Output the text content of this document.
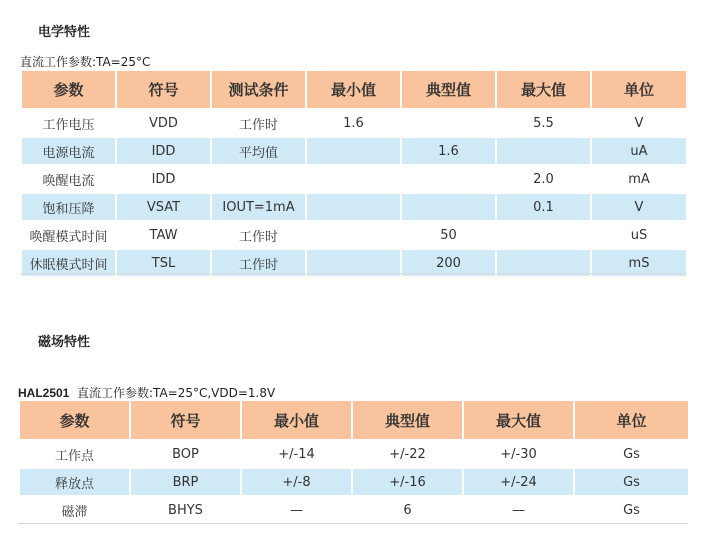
电学特性
直流工作参数:TA=25°C
参数	符号	测试条件	最小值	典型值	最大值	单位
工作电压	VDD	工作时	1.6		5.5	V
电源电流	IDD	平均值		1.6		uA
唤醒电流	IDD				2.0	mA
饱和压降	VSAT	IOUT=1mA			0.1	V
唤醒模式时间	TAW	工作时		50		uS
休眠模式时间	TSL	工作时		200		mS
磁场特性
HAL2501 直流工作参数:TA=25°C,VDD=1.8V
参数	符号	最小值	典型值	最大值	单位
工作点	BOP	+/-14	+/-22	+/-30	Gs
释放点	BRP	+/-8	+/-16	+/-24	Gs
磁滞	BHYS	—	6	—	Gs
